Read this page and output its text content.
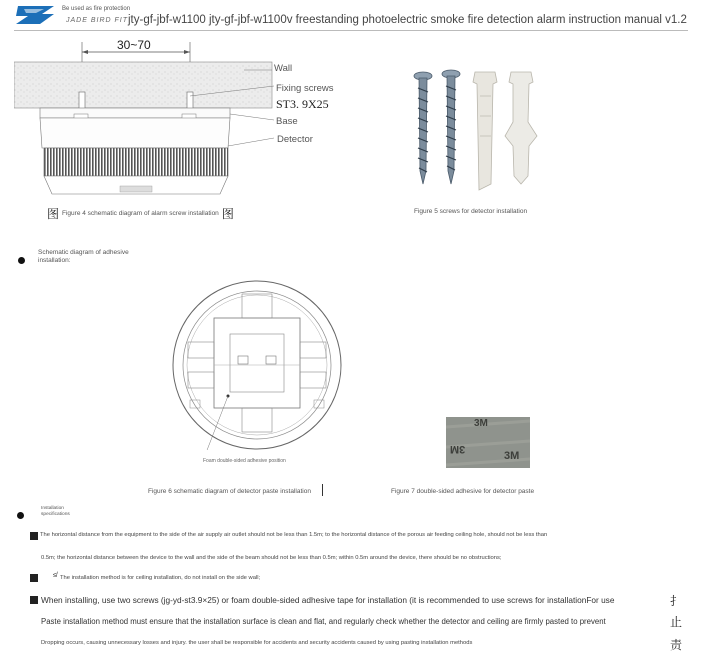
Be used as fire protection
JADE BIRD FIT jty-gf-jbf-w1100 jty-gf-jbf-w1100v freestanding photoelectric smoke fire detection alarm instruction manual v1.2
30~70
Wall
Fixing screws
ST3. 9X25
Base
Detector
图 Figure 4 schematic diagram of alarm screw installation 图	Figure 5 screws for detector installation
Schematic diagram of adhesive installation:
Foam double-sided adhesive position
Figure 6 schematic diagram of detector paste installation
3M
3M
3M
Figure 7 double-sided adhesive for detector paste
Installation specifications
The horizontal distance from the equipment to the side of the air supply air outlet should not be less than 1.5m; to the horizontal distance of the porous air feeding ceiling hole, should not be less than
0.5m; the horizontal distance between the device to the wall and the side of the beam should not be less than 0.5m; within 0.5m around the device, there should be no obstructions;
≰ The installation method is for ceiling installation, do not install on the side wall;
When installing, use two screws (jg-yd-st3.9×25) or foam double-sided adhesive tape for installation (it is recommended to use screws for installationFor use
Paste installation method must ensure that the installation surface is clean and flat, and regularly check whether the detector and ceiling are firmly pasted to prevent
Dropping occurs, causing unnecessary losses and injury. the user shall be responsible for accidents and security accidents caused by using pasting installation methods
扌
止
责
